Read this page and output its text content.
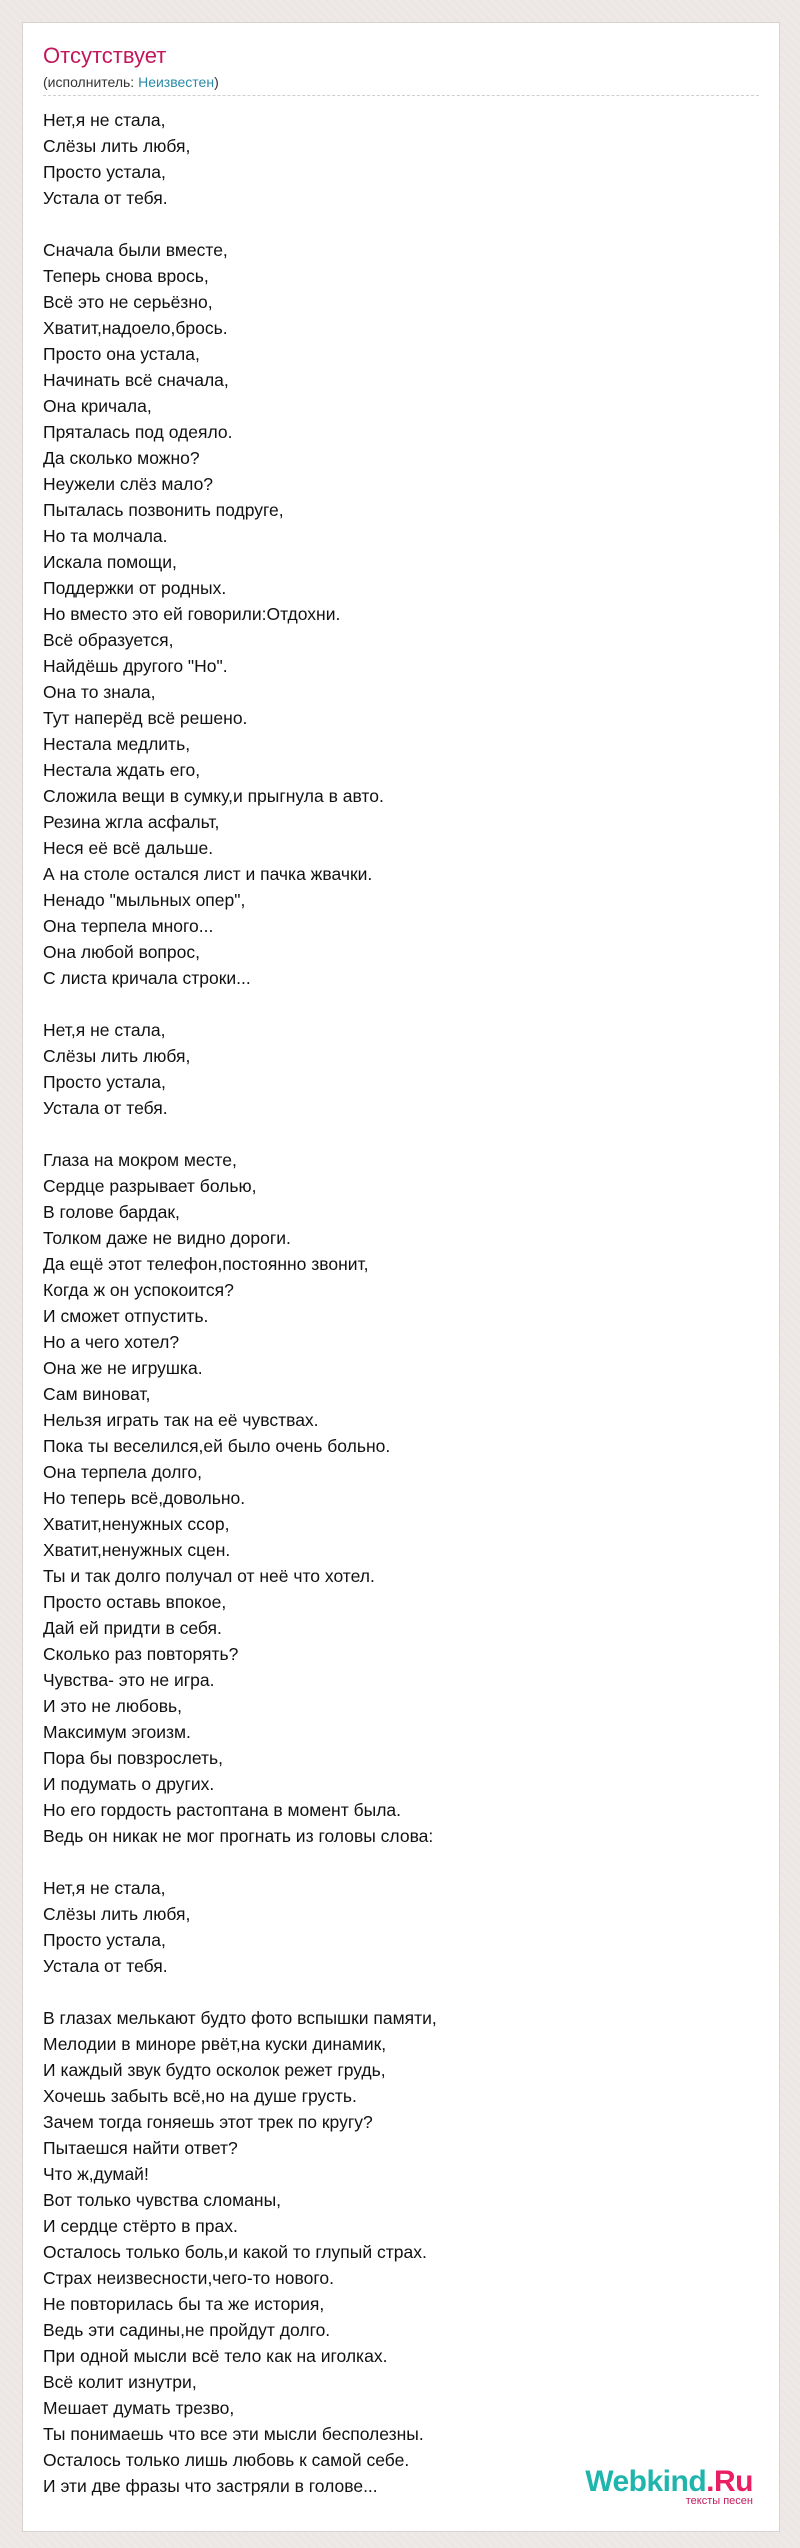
Отсутствует
(исполнитель: Неизвестен)
Нет,я не стала,
Слёзы лить любя,
Просто устала,
Устала от тебя.
Сначала были вместе,
Теперь снова врось,
Всё это не серьёзно,
Хватит,надоело,брось.
Просто она устала,
Начинать всё сначала,
Она кричала,
Пряталась под одеяло.
Да сколько можно?
Неужели слёз мало?
Пыталась позвонить подруге,
Но та молчала.
Искала помощи,
Поддержки от родных.
Но вместо это ей говорили:Отдохни.
Всё образуется,
Найдёшь другого "Но".
Она то знала,
Тут наперёд всё решено.
Нестала медлить,
Нестала ждать его,
Сложила вещи в сумку,и прыгнула в авто.
Резина жгла асфальт,
Неся её всё дальше.
А на столе остался лист и пачка жвачки.
Ненадо "мыльных опер",
Она терпела много...
Она любой вопрос,
С листа кричала строки...
Нет,я не стала,
Слёзы лить любя,
Просто устала,
Устала от тебя.
Глаза на мокром месте,
Сердце разрывает болью,
В голове бардак,
Толком даже не видно дороги.
Да ещё этот телефон,постоянно звонит,
Когда ж он успокоится?
И сможет отпустить.
Но а чего хотел?
Она же не игрушка.
Сам виноват,
Нельзя играть так на её чувствах.
Пока ты веселился,ей было очень больно.
Она терпела долго,
Но теперь всё,довольно.
Хватит,ненужных ссор,
Хватит,ненужных сцен.
Ты и так долго получал от неё что хотел.
Просто оставь впокое,
Дай ей придти в себя.
Сколько раз повторять?
Чувства- это не игра.
И это не любовь,
Максимум эгоизм.
Пора бы повзрослеть,
И подумать о других.
Но его гордость растоптана в момент была.
Ведь он никак не мог прогнать из головы слова:
Нет,я не стала,
Слёзы лить любя,
Просто устала,
Устала от тебя.
В глазах мелькают будто фото вспышки памяти,
Мелодии в миноре рвёт,на куски динамик,
И каждый звук будто осколок режет грудь,
Хочешь забыть всё,но на душе грусть.
Зачем тогда гоняешь этот трек по кругу?
Пытаешся найти ответ?
Что ж,думай!
Вот только чувства сломаны,
И сердце стёрто в прах.
Осталось только боль,и какой то глупый страх.
Страх неизвесности,чего-то нового.
Не повторилась бы та же история,
Ведь эти садины,не пройдут долго.
При одной мысли всё тело как на иголках.
Всё колит изнутри,
Мешает думать трезво,
Ты понимаешь что все эти мысли бесполезны.
Осталось только лишь любовь к самой себе.
И эти две фразы что застряли в голове...	Webkind.Ru
тексты песен
